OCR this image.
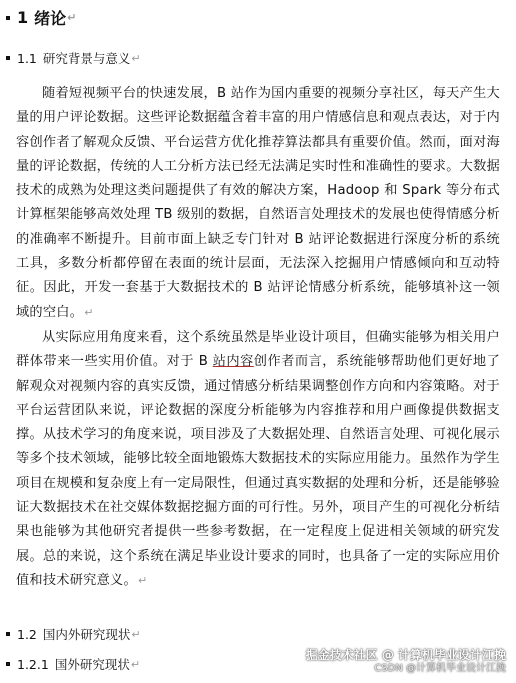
1 绪论 ↵
1.1 研究背景与意义 ↵

随着短视频平台的快速发展，B 站作为国内重要的视频分享社区，每天产生大量的用户评论数据。这些评论数据蕴含着丰富的用户情感信息和观点表达，对于内容创作者了解观众反馈、平台运营方优化推荐算法都具有重要价值。然而，面对海量的评论数据，传统的人工分析方法已经无法满足实时性和准确性的要求。大数据技术的成熟为处理这类问题提供了有效的解决方案，Hadoop 和 Spark 等分布式计算框架能够高效处理 TB 级别的数据，自然语言处理技术的发展也使得情感分析的准确率不断提升。目前市面上缺乏专门针对 B 站评论数据进行深度分析的系统工具，多数分析都停留在表面的统计层面，无法深入挖掘用户情感倾向和互动特征。因此，开发一套基于大数据技术的 B 站评论情感分析系统，能够填补这一领域的空白。↵

从实际应用角度来看，这个系统虽然是毕业设计项目，但确实能够为相关用户群体带来一些实用价值。对于 B 站内容创作者而言，系统能够帮助他们更好地了解观众对视频内容的真实反馈，通过情感分析结果调整创作方向和内容策略。对于平台运营团队来说，评论数据的深度分析能够为内容推荐和用户画像提供数据支撑。从技术学习的角度来说，项目涉及了大数据处理、自然语言处理、可视化展示等多个技术领域，能够比较全面地锻炼大数据技术的实际应用能力。虽然作为学生项目在规模和复杂度上有一定局限性，但通过真实数据的处理和分析，还是能够验证大数据技术在社交媒体数据挖掘方面的可行性。另外，项目产生的可视化分析结果也能够为其他研究者提供一些参考数据，在一定程度上促进相关领域的研究发展。总的来说，这个系统在满足毕业设计要求的同时，也具备了一定的实际应用价值和技术研究意义。↵

1.2 国内外研究现状 ↵
1.2.1 国外研究现状 ↵
掘金技术社区 @ 计算机毕业设计江挽
CSDN @计算机毕业设计江挽
